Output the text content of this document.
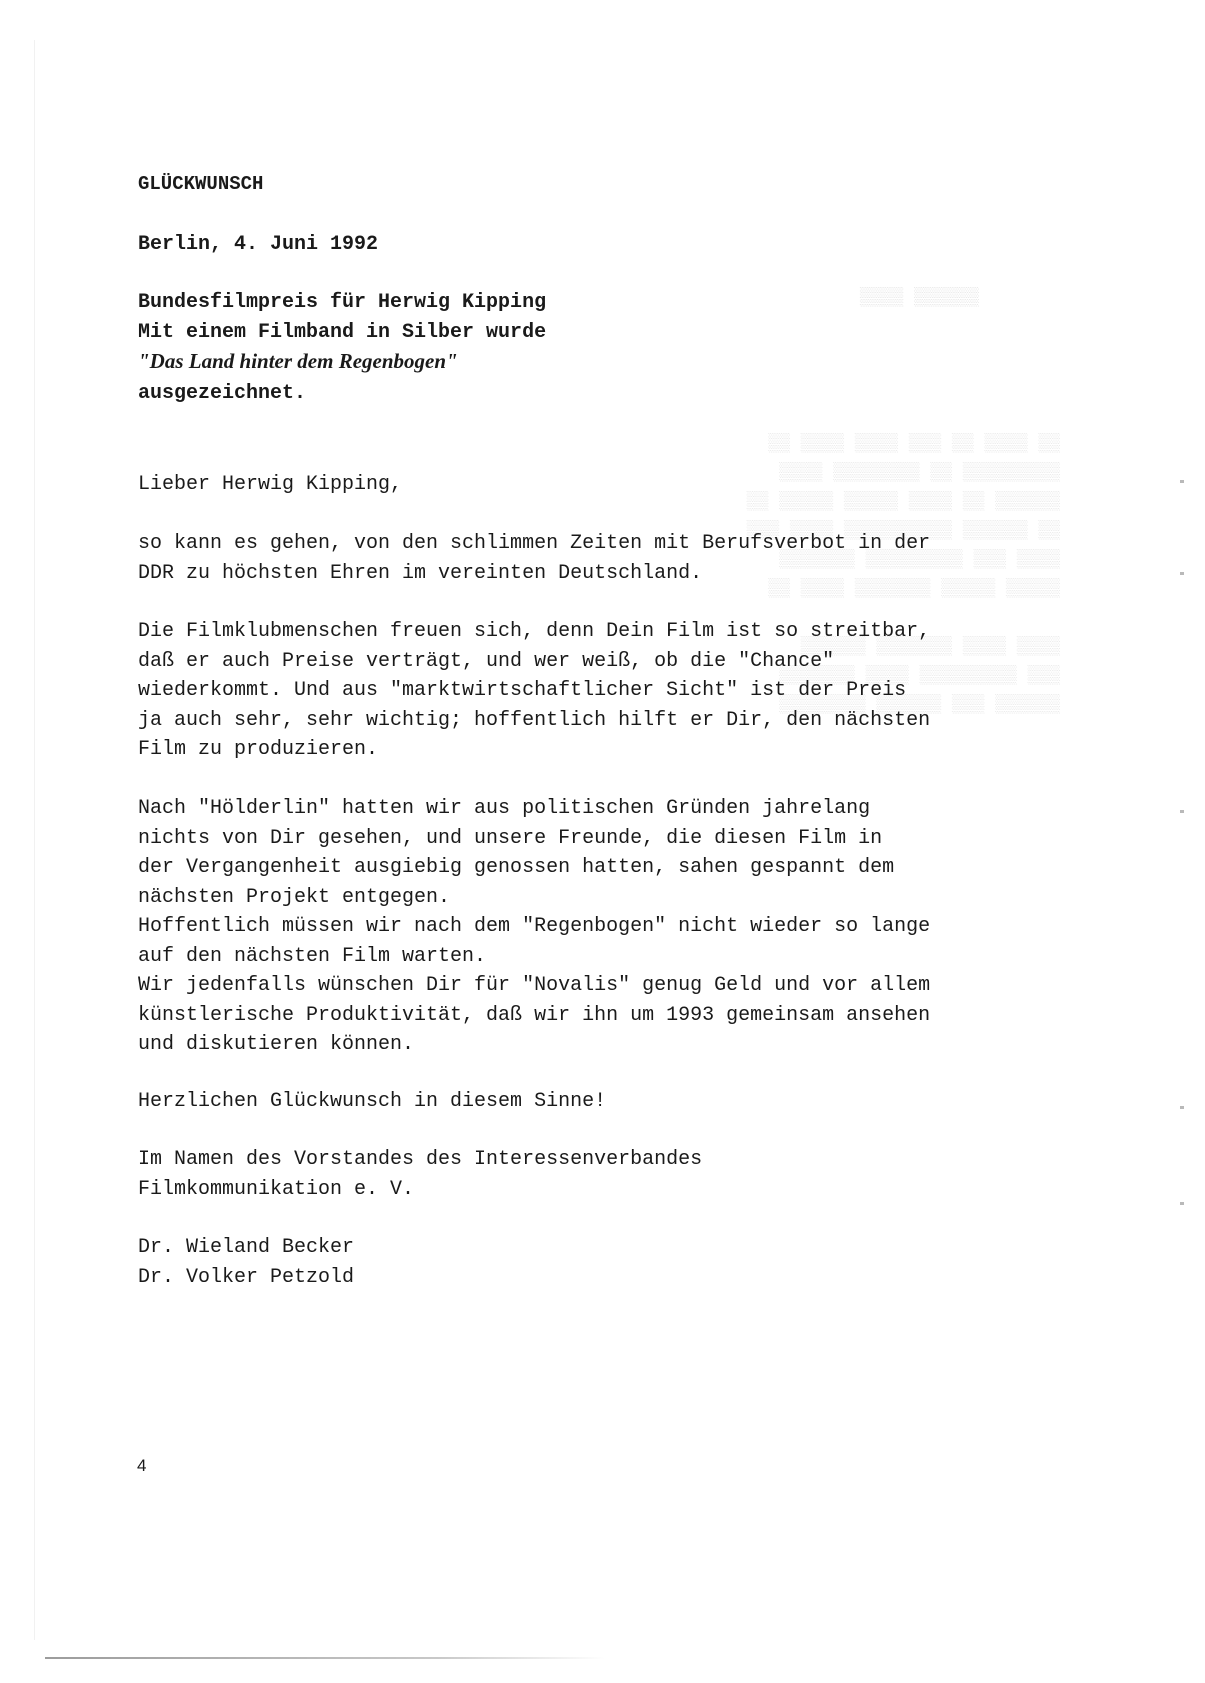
▒▒▒▒▒▒ ▒▒▒▒

▒▒ ▒▒▒▒ ▒▒ ▒▒▒ ▒▒▒▒ ▒▒▒▒ ▒▒
▒▒▒▒▒▒▒▒▒ ▒▒ ▒▒▒▒▒▒▒▒ ▒▒▒▒
▒▒▒▒▒▒ ▒▒ ▒▒▒▒ ▒▒▒▒▒ ▒▒▒▒▒ ▒▒
▒▒ ▒▒▒▒▒▒ ▒▒▒▒▒▒▒▒▒▒ ▒▒▒▒ ▒▒▒
▒▒▒▒ ▒▒▒ ▒▒▒▒▒▒▒▒▒ ▒▒▒▒▒▒▒
▒▒▒▒▒ ▒▒▒▒▒ ▒▒▒▒▒▒▒ ▒▒▒▒ ▒▒

▒▒▒▒ ▒▒▒▒ ▒▒▒▒▒▒▒ ▒▒▒▒▒▒
▒▒▒ ▒▒▒▒▒▒▒▒▒ ▒▒▒▒ ▒▒▒▒▒▒▒
▒▒▒▒▒▒ ▒▒▒ ▒▒▒▒▒▒ ▒▒▒▒▒▒▒▒

GLÜCKWUNSCH

Berlin, 4. Juni 1992

Bundesfilmpreis für Herwig Kipping
Mit einem Filmband in Silber wurde
"Das Land hinter dem Regenbogen"
ausgezeichnet.

Lieber Herwig Kipping,

so kann es gehen, von den schlimmen Zeiten mit Berufsverbot in der
DDR zu höchsten Ehren im vereinten Deutschland.

Die Filmklubmenschen freuen sich, denn Dein Film ist so streitbar,
daß er auch Preise verträgt, und wer weiß, ob die "Chance"
wiederkommt. Und aus "marktwirtschaftlicher Sicht" ist der Preis
ja auch sehr, sehr wichtig; hoffentlich hilft er Dir, den nächsten
Film zu produzieren.

Nach "Hölderlin" hatten wir aus politischen Gründen jahrelang
nichts von Dir gesehen, und unsere Freunde, die diesen Film in
der Vergangenheit ausgiebig genossen hatten, sahen gespannt dem
nächsten Projekt entgegen.
Hoffentlich müssen wir nach dem "Regenbogen" nicht wieder so lange
auf den nächsten Film warten.
Wir jedenfalls wünschen Dir für "Novalis" genug Geld und vor allem
künstlerische Produktivität, daß wir ihn um 1993 gemeinsam ansehen
und diskutieren können.

Herzlichen Glückwunsch in diesem Sinne!

Im Namen des Vorstandes des Interessenverbandes
Filmkommunikation e. V.

Dr. Wieland Becker
Dr. Volker Petzold

4
